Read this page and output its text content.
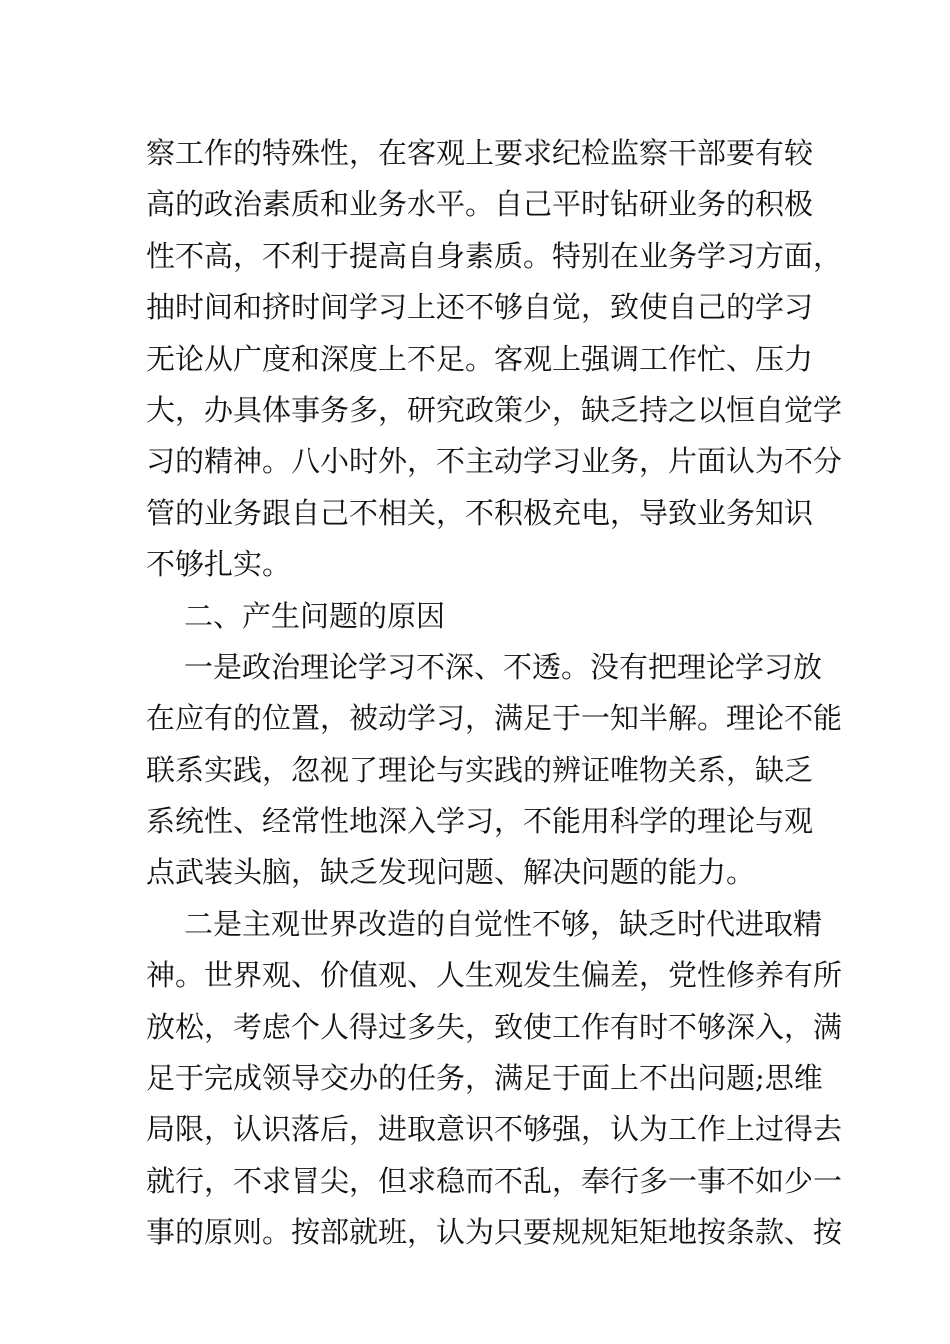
察工作的特殊性，在客观上要求纪检监察干部要有较
高的政治素质和业务水平。自己平时钻研业务的积极
性不高，不利于提高自身素质。特别在业务学习方面，
抽时间和挤时间学习上还不够自觉，致使自己的学习
无论从广度和深度上不足。客观上强调工作忙、压力
大，办具体事务多，研究政策少，缺乏持之以恒自觉学
习的精神。八小时外，不主动学习业务，片面认为不分
管的业务跟自己不相关，不积极充电，导致业务知识
不够扎实。
二、产生问题的原因
一是政治理论学习不深、不透。没有把理论学习放
在应有的位置，被动学习，满足于一知半解。理论不能
联系实践，忽视了理论与实践的辨证唯物关系，缺乏
系统性、经常性地深入学习，不能用科学的理论与观
点武装头脑，缺乏发现问题、解决问题的能力。
二是主观世界改造的自觉性不够，缺乏时代进取精
神。世界观、价值观、人生观发生偏差，党性修养有所
放松，考虑个人得过多失，致使工作有时不够深入，满
足于完成领导交办的任务，满足于面上不出问题;思维
局限，认识落后，进取意识不够强，认为工作上过得去
就行，不求冒尖，但求稳而不乱，奉行多一事不如少一
事的原则。按部就班，认为只要规规矩矩地按条款、按
